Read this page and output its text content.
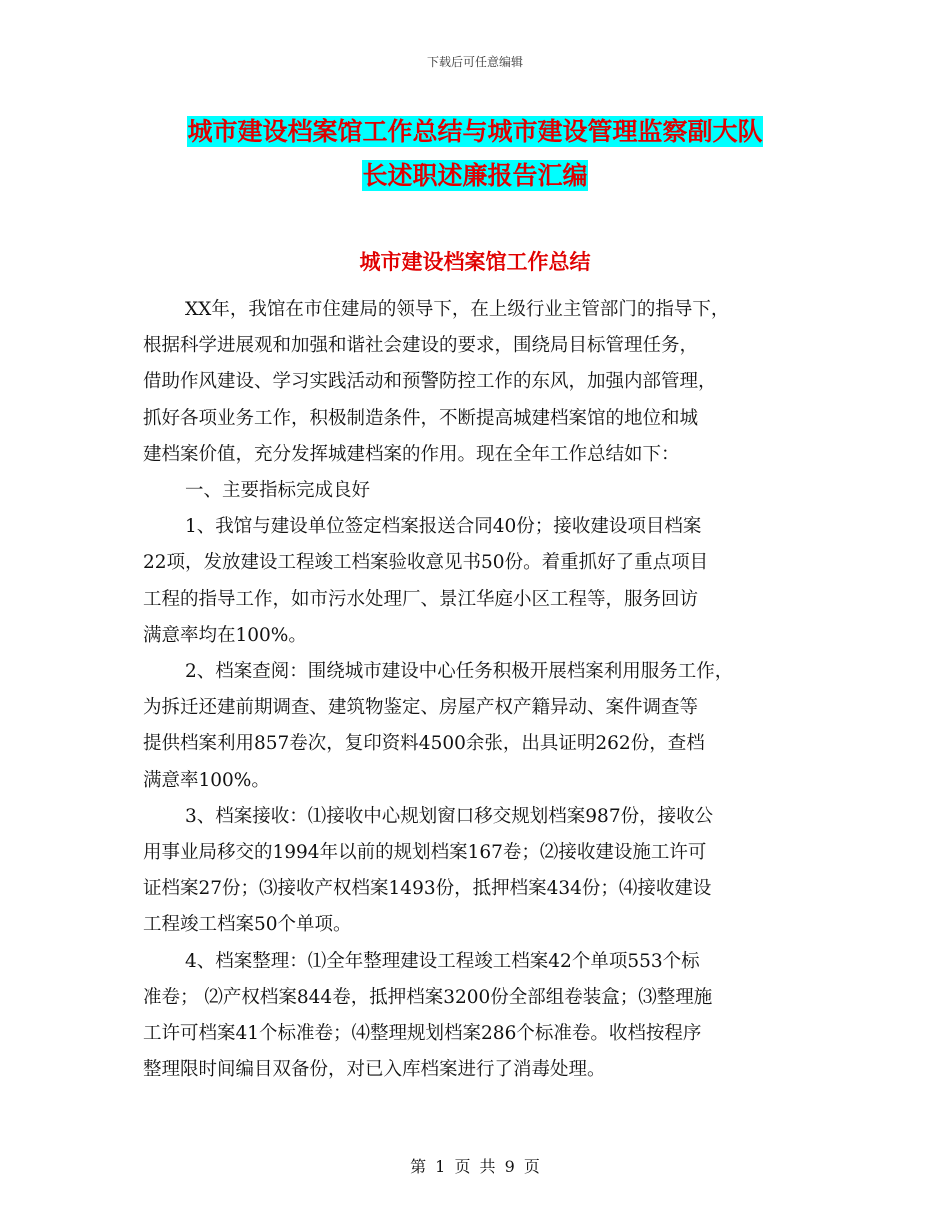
下载后可任意编辑
城市建设档案馆工作总结与城市建设管理监察副大队
长述职述廉报告汇编
城市建设档案馆工作总结
XX年，我馆在市住建局的领导下，在上级行业主管部门的指导下，
根据科学进展观和加强和谐社会建设的要求，围绕局目标管理任务，
借助作风建设、学习实践活动和预警防控工作的东风，加强内部管理，
抓好各项业务工作，积极制造条件，不断提高城建档案馆的地位和城
建档案价值，充分发挥城建档案的作用。现在全年工作总结如下：
一、主要指标完成良好
1、我馆与建设单位签定档案报送合同40份；接收建设项目档案
22项，发放建设工程竣工档案验收意见书50份。着重抓好了重点项目
工程的指导工作，如市污水处理厂、景江华庭小区工程等，服务回访
满意率均在100%。
2、档案查阅：围绕城市建设中心任务积极开展档案利用服务工作，
为拆迁还建前期调查、建筑物鉴定、房屋产权产籍异动、案件调查等
提供档案利用857卷次，复印资料4500余张，出具证明262份，查档
满意率100%。
3、档案接收：⑴接收中心规划窗口移交规划档案987份，接收公
用事业局移交的1994年以前的规划档案167卷；⑵接收建设施工许可
证档案27份；⑶接收产权档案1493份，抵押档案434份；⑷接收建设
工程竣工档案50个单项。
4、档案整理：⑴全年整理建设工程竣工档案42个单项553个标
准卷； ⑵产权档案844卷，抵押档案3200份全部组卷装盒；⑶整理施
工许可档案41个标准卷；⑷整理规划档案286个标准卷。收档按程序
整理限时间编目双备份，对已入库档案进行了消毒处理。
第 1 页 共 9 页
